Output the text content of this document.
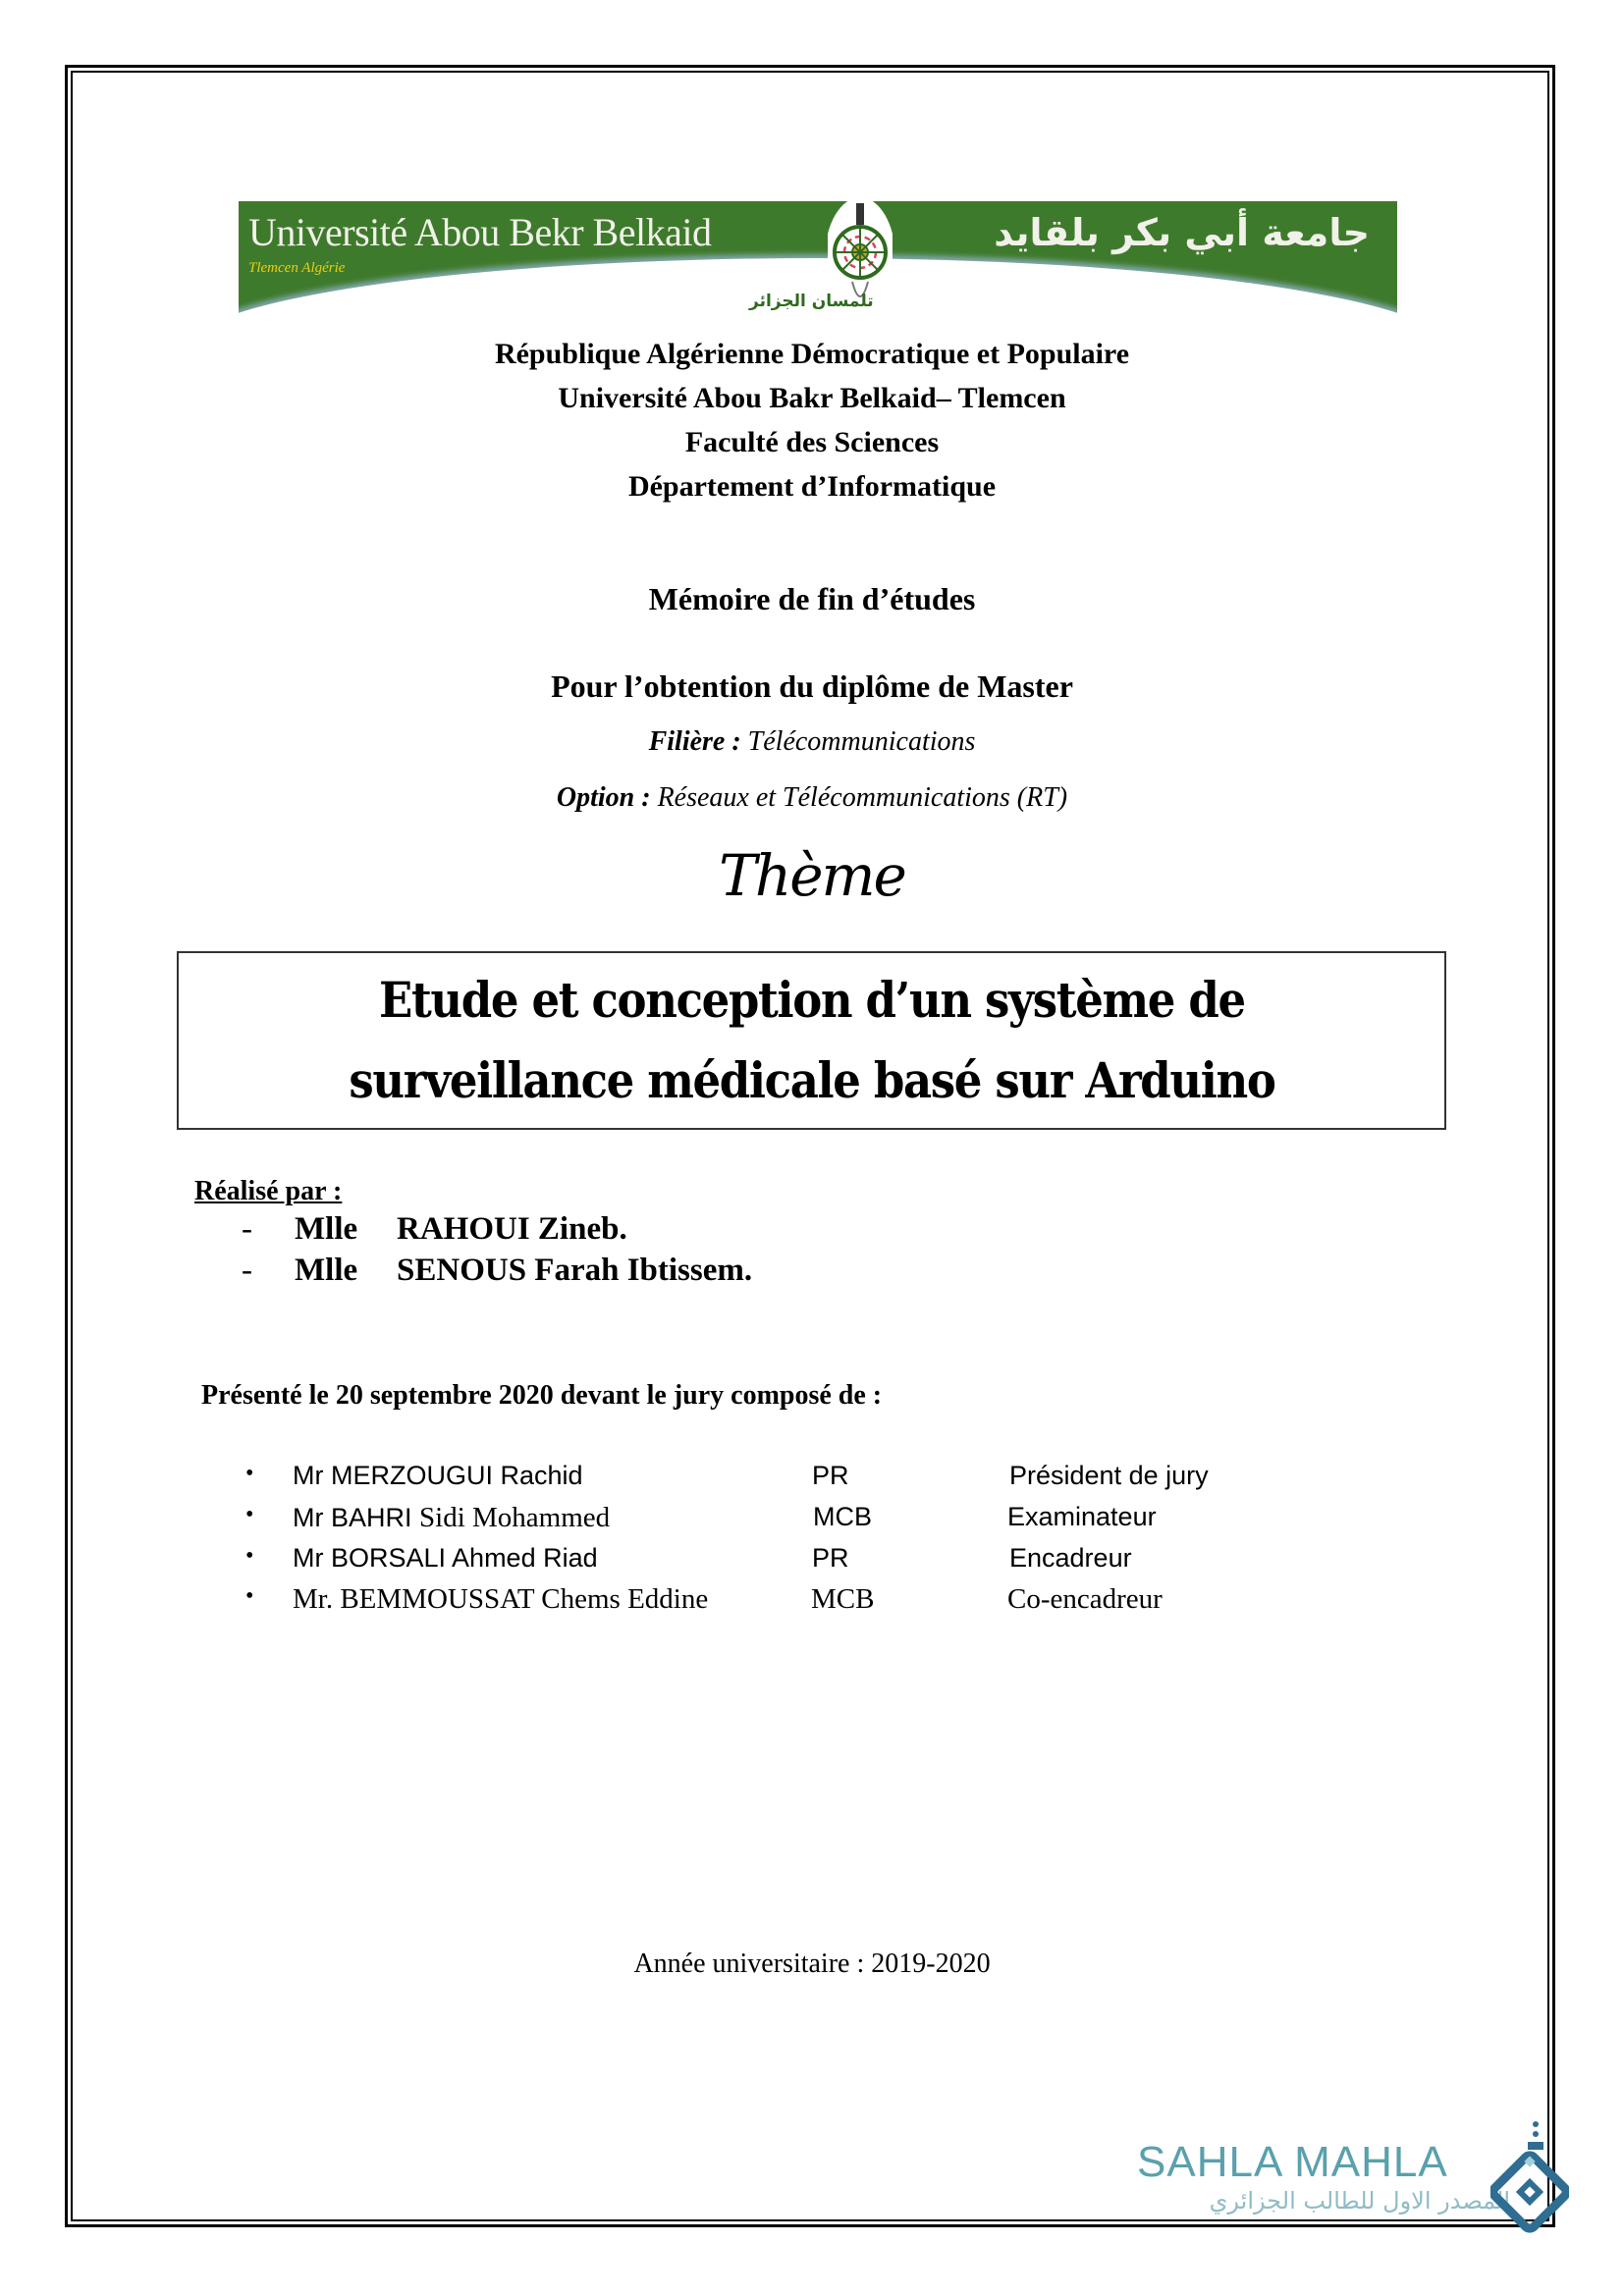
Université Abou Bekr Belkaid
Tlemcen Algérie
جامعة أبي بكر بلقايد
تلمسان الجزائر
République Algérienne Démocratique et Populaire
Université Abou Bakr Belkaid– Tlemcen
Faculté des Sciences
Département d’Informatique
Mémoire de fin d’études
Pour l’obtention du diplôme de Master
Filière : Télécommunications
Option : Réseaux et Télécommunications (RT)
Thème
Etude et conception d’un système de
surveillance médicale basé sur Arduino
Réalisé par :
- Mlle RAHOUI Zineb.
- Mlle SENOUS Farah Ibtissem.
Présenté le 20 septembre 2020 devant le jury composé de :
• Mr MERZOUGUI Rachid	PR	Président de jury
• Mr BAHRI Sidi Mohammed	MCB	Examinateur
• Mr BORSALI Ahmed Riad	PR	Encadreur
• Mr. BEMMOUSSAT Chems Eddine	MCB	Co-encadreur
Année universitaire : 2019-2020
SAHLA MAHLA
المصدر الاول للطالب الجزائري
